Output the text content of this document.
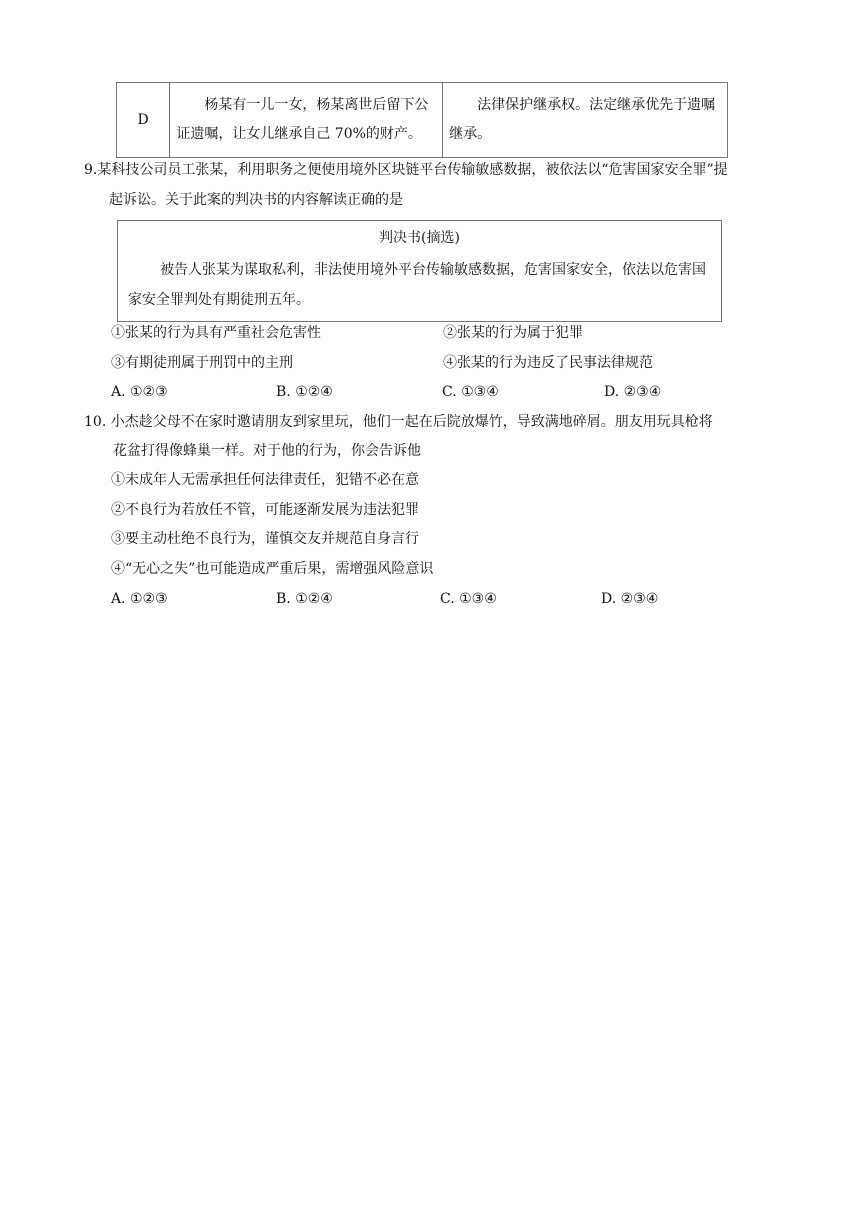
D	杨某有一儿一女，杨某离世后留下公证遗嘱，让女儿继承自己 70%的财产。	法律保护继承权。法定继承优先于遗嘱继承。
9.某科技公司员工张某，利用职务之便使用境外区块链平台传输敏感数据，被依法以“危害国家安全罪”提
起诉讼。关于此案的判决书的内容解读正确的是
判决书(摘选)
被告人张某为谋取私利，非法使用境外平台传输敏感数据，危害国家安全，依法以危害国家安全罪判处有期徒刑五年。
①张某的行为具有严重社会危害性	②张某的行为属于犯罪
③有期徒刑属于刑罚中的主刑	④张某的行为违反了民事法律规范
A. ①②③	B. ①②④	C. ①③④	D. ②③④
10. 小杰趁父母不在家时邀请朋友到家里玩，他们一起在后院放爆竹，导致满地碎屑。朋友用玩具枪将
花盆打得像蜂巢一样。对于他的行为，你会告诉他
①未成年人无需承担任何法律责任，犯错不必在意
②不良行为若放任不管，可能逐渐发展为违法犯罪
③要主动杜绝不良行为，谨慎交友并规范自身言行
④“无心之失”也可能造成严重后果，需增强风险意识
A. ①②③	B. ①②④	C. ①③④	D. ②③④
